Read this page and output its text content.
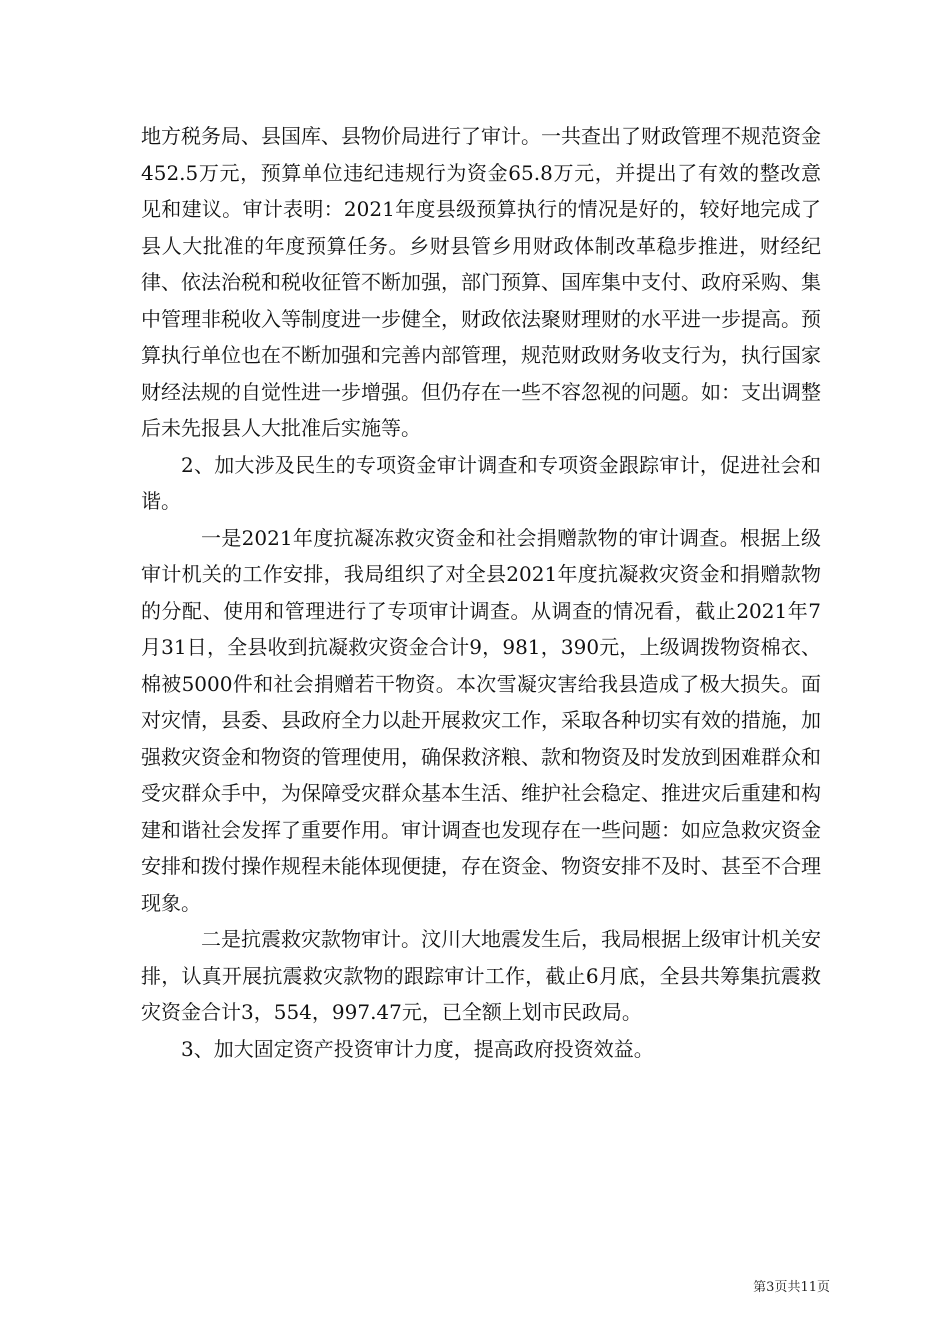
地方税务局、县国库、县物价局进行了审计。一共查出了财政管理不规范资金452.5万元，预算单位违纪违规行为资金65.8万元，并提出了有效的整改意见和建议。审计表明：2021年度县级预算执行的情况是好的，较好地完成了县人大批准的年度预算任务。乡财县管乡用财政体制改革稳步推进，财经纪律、依法治税和税收征管不断加强，部门预算、国库集中支付、政府采购、集中管理非税收入等制度进一步健全，财政依法聚财理财的水平进一步提高。预算执行单位也在不断加强和完善内部管理，规范财政财务收支行为，执行国家财经法规的自觉性进一步增强。但仍存在一些不容忽视的问题。如：支出调整后未先报县人大批准后实施等。

2、加大涉及民生的专项资金审计调查和专项资金跟踪审计，促进社会和谐。

一是2021年度抗凝冻救灾资金和社会捐赠款物的审计调查。根据上级审计机关的工作安排，我局组织了对全县2021年度抗凝救灾资金和捐赠款物的分配、使用和管理进行了专项审计调查。从调查的情况看，截止2021年7月31日，全县收到抗凝救灾资金合计9，981，390元，上级调拨物资棉衣、棉被5000件和社会捐赠若干物资。本次雪凝灾害给我县造成了极大损失。面对灾情，县委、县政府全力以赴开展救灾工作，采取各种切实有效的措施，加强救灾资金和物资的管理使用，确保救济粮、款和物资及时发放到困难群众和受灾群众手中，为保障受灾群众基本生活、维护社会稳定、推进灾后重建和构建和谐社会发挥了重要作用。审计调查也发现存在一些问题：如应急救灾资金安排和拨付操作规程未能体现便捷，存在资金、物资安排不及时、甚至不合理现象。

二是抗震救灾款物审计。汶川大地震发生后，我局根据上级审计机关安排，认真开展抗震救灾款物的跟踪审计工作，截止6月底，全县共筹集抗震救灾资金合计3，554，997.47元，已全额上划市民政局。

3、加大固定资产投资审计力度，提高政府投资效益。

第3页共11页
